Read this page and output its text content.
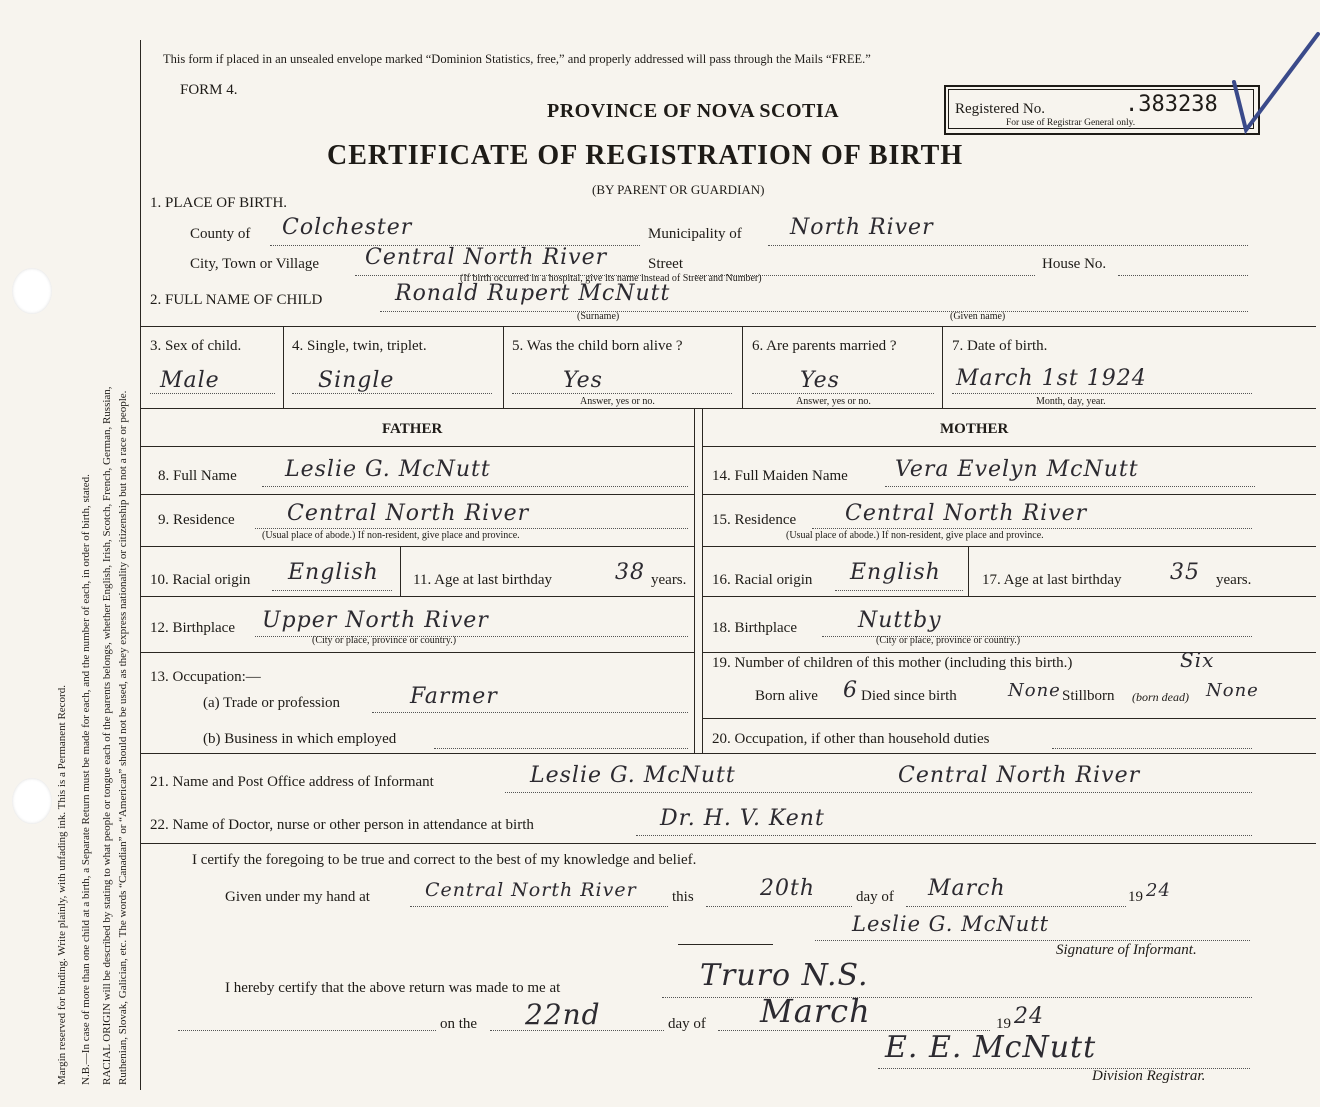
Margin reserved for binding. Write plainly, with unfading ink. This is a Permanent Record. N.B.—In case of more than one child at a birth, a Separate Return must be made for each, and the number of each, in order of birth, stated. RACIAL ORIGIN will be described by stating to what people or tongue each of the parents belongs, whether English, Irish, Scotch, French, German, Russian, Ruthenian, Slovak, Galician, etc. The words “Canadian” or “American” should not be used, as they express nationality or citizenship but not a race or people.
This form if placed in an unsealed envelope marked “Dominion Statistics, free,” and properly addressed will pass through the Mails “FREE.”
FORM 4.
PROVINCE OF NOVA SCOTIA
CERTIFICATE OF REGISTRATION OF BIRTH
(BY PARENT OR GUARDIAN)
Registered No.	.383238
For use of Registrar General only.
1. PLACE OF BIRTH.
County of Colchester	Municipality of North River
City, Town or Village Central North River	Street	House No.
(If birth occurred in a hospital, give its name instead of Street and Number)
2. FULL NAME OF CHILD	Ronald Rupert McNutt
(Surname)	(Given name)
3. Sex of child.
Male
4. Single, twin, triplet.
Single
5. Was the child born alive ?
Yes
Answer, yes or no.
6. Are parents married ?
Yes
Answer, yes or no.
7. Date of birth.
March 1st 1924
Month, day, year.
FATHER	MOTHER
8. Full Name Leslie G. McNutt
9. Residence Central North River
(Usual place of abode.) If non-resident, give place and province.
10. Racial origin English 11. Age at last birthday	38 years.
12. Birthplace Upper North River
(City or place, province or country.)
13. Occupation:—
(a) Trade or profession	Farmer
(b) Business in which employed
14. Full Maiden Name Vera Evelyn McNutt
15. Residence Central North River
(Usual place of abode.) If non-resident, give place and province.
16. Racial origin English	17. Age at last birthday 35 years.
18. Birthplace	Nuttby
(City or place, province or country.)
19. Number of children of this mother (including this birth.)	Six
Born alive 6 Died since birth	None Stillborn (born dead) None
20. Occupation, if other than household duties
21. Name and Post Office address of Informant	Leslie G. McNutt	Central North River
22. Name of Doctor, nurse or other person in attendance at birth	Dr. H. V. Kent
I certify the foregoing to be true and correct to the best of my knowledge and belief.
Given under my hand at	Central North River this	20th	day of March	19 24
Leslie G. McNutt
Signature of Informant.
I hereby certify that the above return was made to me at	Truro N.S.
on the 22nd	day of March	19 24
E. E. McNutt
Division Registrar.
